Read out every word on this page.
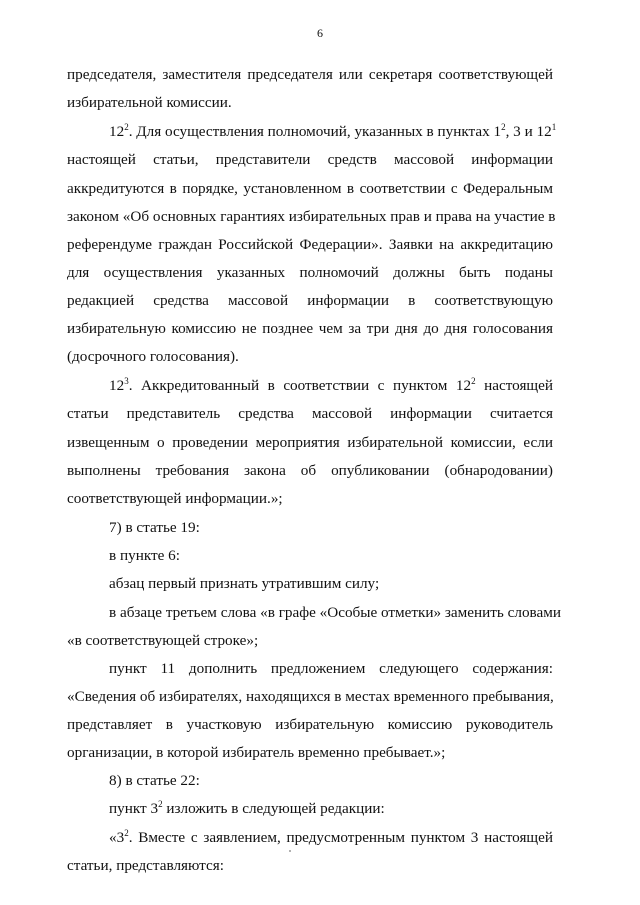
6
председателя, заместителя председателя или секретаря соответствующей
избирательной комиссии.
$12^2$. Для осуществления полномочий, указанных в пунктах $1^2$, 3 и $12^1$
настоящей статьи, представители средств массовой информации
аккредитуются в порядке, установленном в соответствии с Федеральным
законом «Об основных гарантиях избирательных прав и права на участие в
референдуме граждан Российской Федерации». Заявки на аккредитацию
для осуществления указанных полномочий должны быть поданы
редакцией средства массовой информации в соответствующую
избирательную комиссию не позднее чем за три дня до дня голосования
(досрочного голосования).
$12^3$. Аккредитованный в соответствии с пунктом $12^2$ настоящей
статьи представитель средства массовой информации считается
извещенным о проведении мероприятия избирательной комиссии, если
выполнены требования закона об опубликовании (обнародовании)
соответствующей информации.»;
7) в статье 19:
в пункте 6:
абзац первый признать утратившим силу;
в абзаце третьем слова «в графе «Особые отметки» заменить словами
«в соответствующей строке»;
пункт 11 дополнить предложением следующего содержания:
«Сведения об избирателях, находящихся в местах временного пребывания,
представляет в участковую избирательную комиссию руководитель
организации, в которой избиратель временно пребывает.»;
8) в статье 22:
пункт $3^2$ изложить в следующей редакции:
«$3^2$. Вместе с заявлением, предусмотренным пунктом 3 настоящей
статьи, представляются:
